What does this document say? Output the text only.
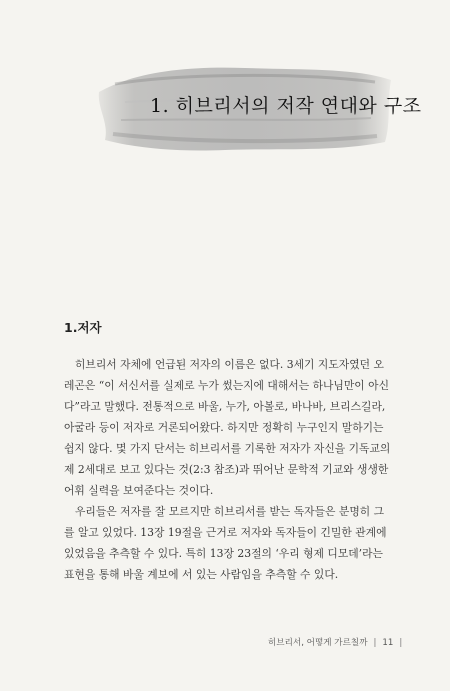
1. 히브리서의 저작 연대와 구조
1.저자
히브리서 자체에 언급된 저자의 이름은 없다. 3세기 지도자였던 오
레곤은 “이 서신서를 실제로 누가 썼는지에 대해서는 하나님만이 아신
다”라고 말했다. 전통적으로 바울, 누가, 아볼로, 바나바, 브리스길라,
아굴라 등이 저자로 거론되어왔다. 하지만 정확히 누구인지 말하기는
쉽지 않다. 몇 가지 단서는 히브리서를 기록한 저자가 자신을 기독교의
제 2세대로 보고 있다는 것(2:3 참조)과 뛰어난 문학적 기교와 생생한
어휘 실력을 보여준다는 것이다.
우리들은 저자를 잘 모르지만 히브리서를 받는 독자들은 분명히 그
를 알고 있었다. 13장 19절을 근거로 저자와 독자들이 긴밀한 관계에
있었음을 추측할 수 있다. 특히 13장 23절의 ‘우리 형제 디모데’라는
표현을 통해 바울 계보에 서 있는 사람임을 추측할 수 있다.
히브리서, 어떻게 가르칠까 | 11 |
